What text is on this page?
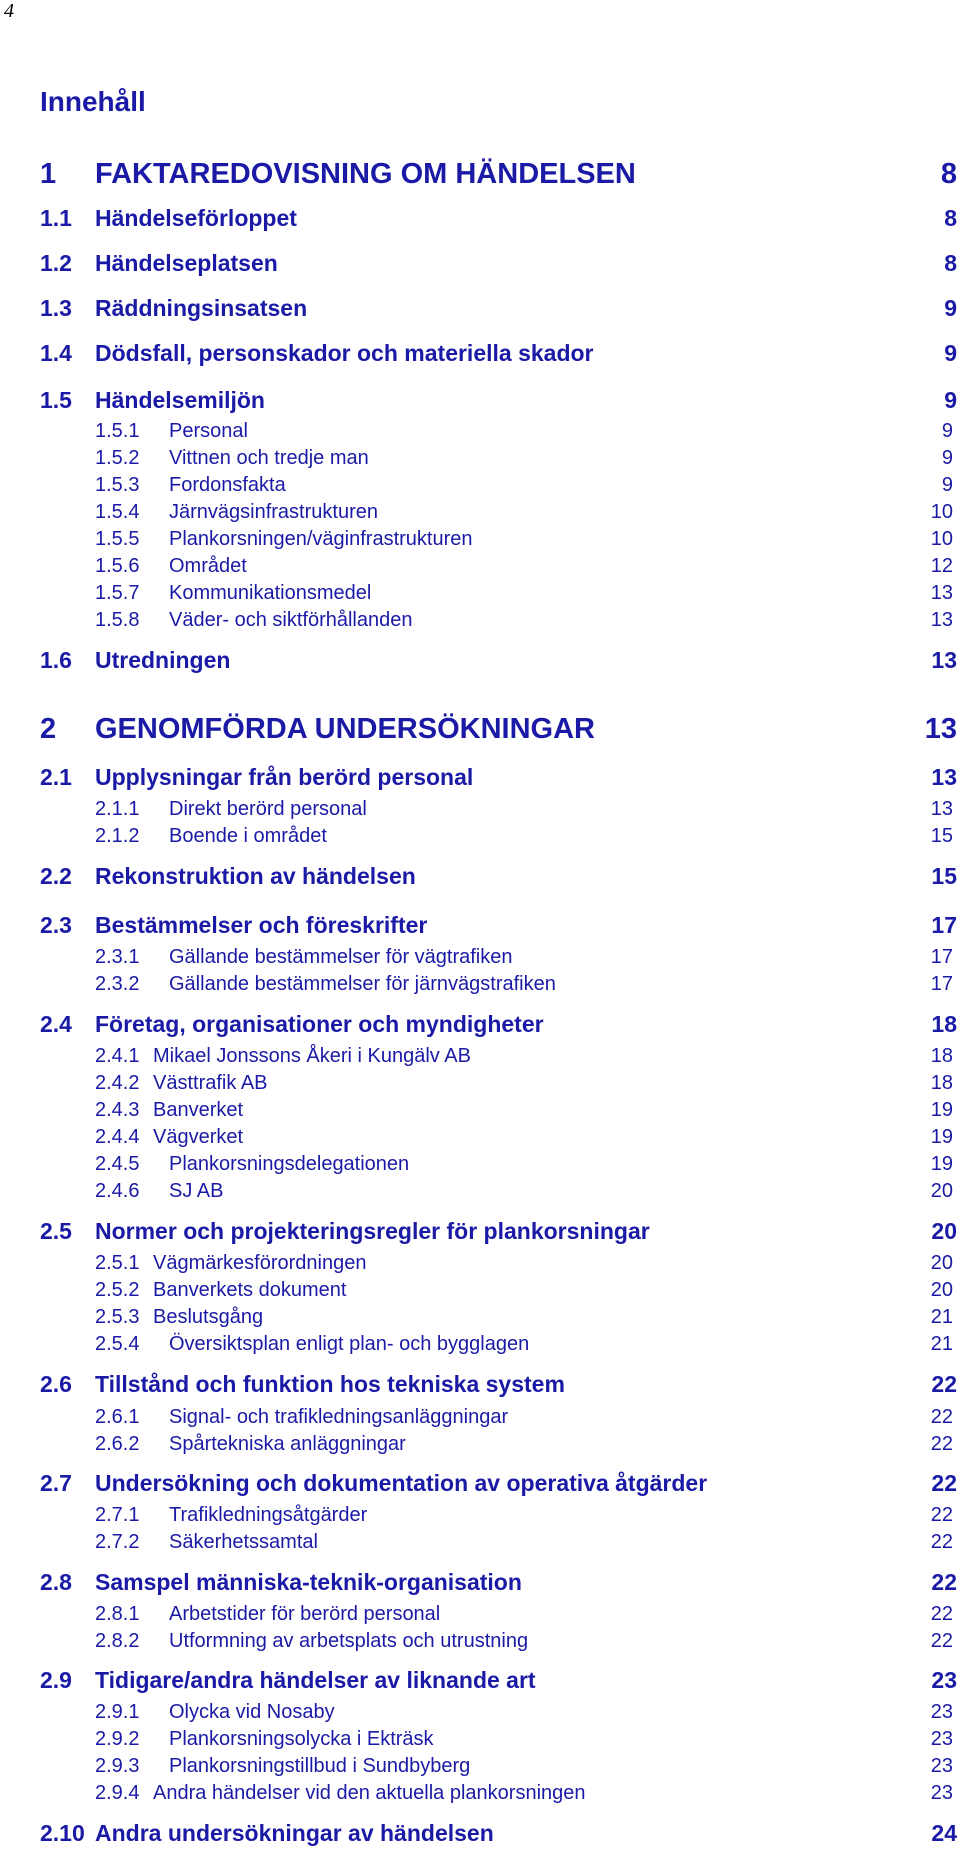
4
Innehåll
1 FAKTAREDOVISNING OM HÄNDELSEN	8
1.1 Händelseförloppet	8
1.2 Händelseplatsen	8
1.3 Räddningsinsatsen	9
1.4 Dödsfall, personskador och materiella skador	9
1.5 Händelsemiljön	9
1.5.1 Personal	9
1.5.2 Vittnen och tredje man	9
1.5.3 Fordonsfakta	9
1.5.4 Järnvägsinfrastrukturen	10
1.5.5 Plankorsningen/väginfrastrukturen	10
1.5.6 Området	12
1.5.7 Kommunikationsmedel	13
1.5.8 Väder- och siktförhållanden	13
1.6 Utredningen	13
2 GENOMFÖRDA UNDERSÖKNINGAR	13
2.1 Upplysningar från berörd personal	13
2.1.1 Direkt berörd personal	13
2.1.2 Boende i området	15
2.2 Rekonstruktion av händelsen	15
2.3 Bestämmelser och föreskrifter	17
2.3.1 Gällande bestämmelser för vägtrafiken	17
2.3.2 Gällande bestämmelser för järnvägstrafiken	17
2.4 Företag, organisationer och myndigheter	18
2.4.1 Mikael Jonssons Åkeri i Kungälv AB	18
2.4.2 Västtrafik AB	18
2.4.3 Banverket	19
2.4.4 Vägverket	19
2.4.5 Plankorsningsdelegationen	19
2.4.6 SJ AB	20
2.5 Normer och projekteringsregler för plankorsningar	20
2.5.1 Vägmärkesförordningen	20
2.5.2 Banverkets dokument	20
2.5.3 Beslutsgång	21
2.5.4 Översiktsplan enligt plan- och bygglagen	21
2.6 Tillstånd och funktion hos tekniska system	22
2.6.1 Signal- och trafikledningsanläggningar	22
2.6.2 Spårtekniska anläggningar	22
2.7 Undersökning och dokumentation av operativa åtgärder	22
2.7.1 Trafikledningsåtgärder	22
2.7.2 Säkerhetssamtal	22
2.8 Samspel människa-teknik-organisation	22
2.8.1 Arbetstider för berörd personal	22
2.8.2 Utformning av arbetsplats och utrustning	22
2.9 Tidigare/andra händelser av liknande art	23
2.9.1 Olycka vid Nosaby	23
2.9.2 Plankorsningsolycka i Ekträsk	23
2.9.3 Plankorsningstillbud i Sundbyberg	23
2.9.4 Andra händelser vid den aktuella plankorsningen	23
2.10 Andra undersökningar av händelsen	24
